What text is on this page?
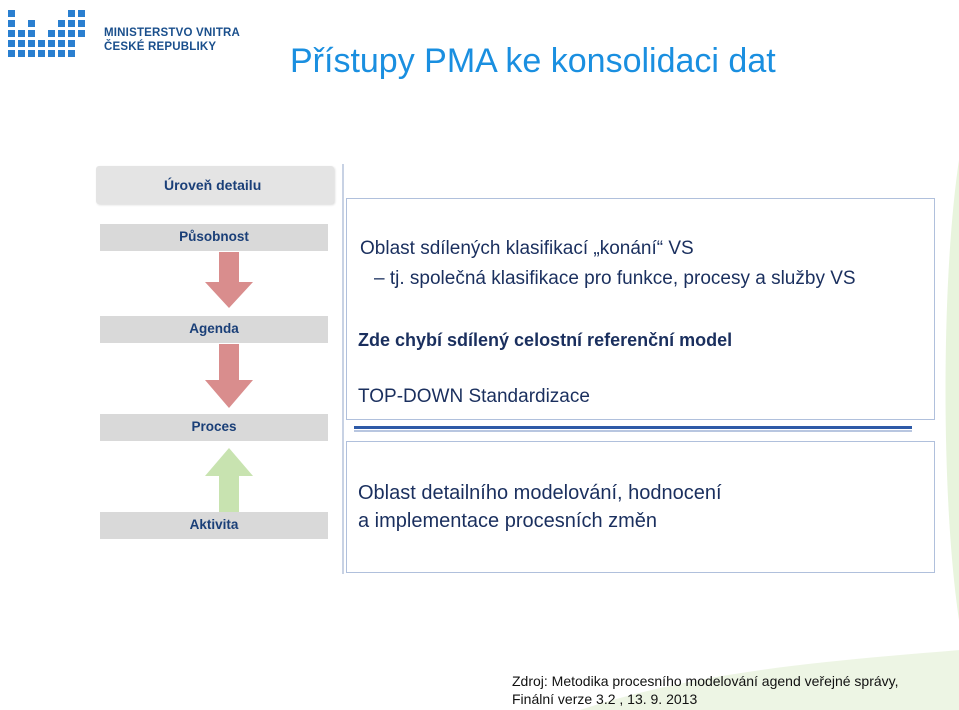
MINISTERSTVO VNITRA
ČESKÉ REPUBLIKY	Přístupy PMA ke konsolidaci dat
Úroveň detailu
Působnost
Agenda
Proces
Aktivita
Oblast sdílených klasifikací „konání“ VS
– tj. společná klasifikace pro funkce, procesy a služby VS
Zde chybí sdílený celostní referenční model
TOP-DOWN Standardizace
Oblast detailního modelování, hodnocení
a implementace procesních změn
Zdroj: Metodika procesního modelování agend veřejné správy,
Finální verze 3.2 , 13. 9. 2013
